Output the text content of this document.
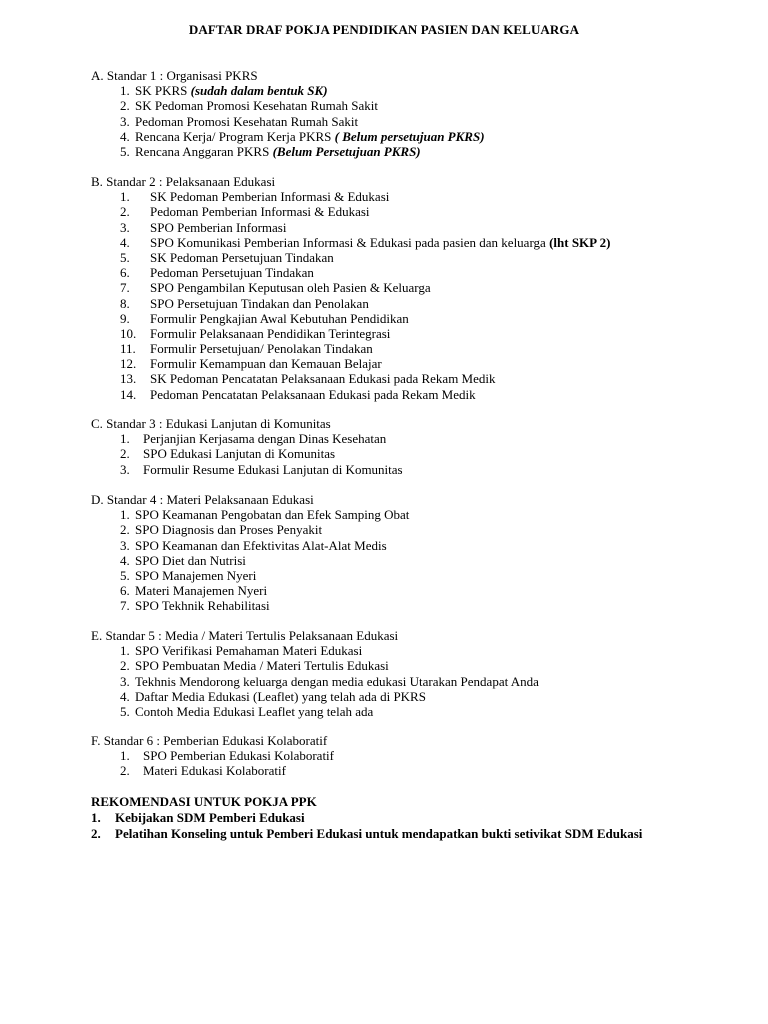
DAFTAR DRAF POKJA PENDIDIKAN PASIEN DAN KELUARGA
A. Standar 1 : Organisasi PKRS
1. SK PKRS (sudah dalam bentuk SK)
2. SK Pedoman Promosi Kesehatan Rumah Sakit
3. Pedoman Promosi Kesehatan Rumah Sakit
4. Rencana Kerja/ Program Kerja PKRS ( Belum persetujuan PKRS)
5. Rencana Anggaran PKRS (Belum Persetujuan PKRS)
B. Standar 2 : Pelaksanaan Edukasi
1. SK Pedoman Pemberian Informasi & Edukasi
2. Pedoman Pemberian Informasi & Edukasi
3. SPO Pemberian Informasi
4. SPO Komunikasi Pemberian Informasi & Edukasi pada pasien dan keluarga (lht SKP 2)
5. SK Pedoman Persetujuan Tindakan
6. Pedoman Persetujuan Tindakan
7. SPO Pengambilan Keputusan oleh Pasien & Keluarga
8. SPO Persetujuan Tindakan dan Penolakan
9. Formulir Pengkajian Awal Kebutuhan Pendidikan
10. Formulir Pelaksanaan Pendidikan Terintegrasi
11. Formulir Persetujuan/ Penolakan Tindakan
12. Formulir Kemampuan dan Kemauan Belajar
13. SK Pedoman Pencatatan Pelaksanaan Edukasi pada Rekam Medik
14. Pedoman Pencatatan Pelaksanaan Edukasi pada Rekam Medik
C. Standar 3 : Edukasi Lanjutan di Komunitas
1. Perjanjian Kerjasama dengan Dinas Kesehatan
2. SPO Edukasi Lanjutan di Komunitas
3. Formulir Resume Edukasi Lanjutan di Komunitas
D. Standar 4 : Materi Pelaksanaan Edukasi
1. SPO Keamanan Pengobatan dan Efek Samping Obat
2. SPO Diagnosis dan Proses Penyakit
3. SPO Keamanan dan Efektivitas Alat-Alat Medis
4. SPO Diet dan Nutrisi
5. SPO Manajemen Nyeri
6. Materi Manajemen Nyeri
7. SPO Tekhnik Rehabilitasi
E. Standar 5 : Media / Materi Tertulis Pelaksanaan Edukasi
1. SPO Verifikasi Pemahaman Materi Edukasi
2. SPO Pembuatan Media / Materi Tertulis Edukasi
3. Tekhnis Mendorong keluarga dengan media edukasi Utarakan Pendapat Anda
4. Daftar Media Edukasi (Leaflet) yang telah ada di PKRS
5. Contoh Media Edukasi Leaflet yang telah ada
F. Standar 6 : Pemberian Edukasi Kolaboratif
1. SPO Pemberian Edukasi Kolaboratif
2. Materi Edukasi Kolaboratif
REKOMENDASI UNTUK POKJA PPK
1. Kebijakan SDM Pemberi Edukasi
2. Pelatihan Konseling untuk Pemberi Edukasi untuk mendapatkan bukti setivikat SDM Edukasi
